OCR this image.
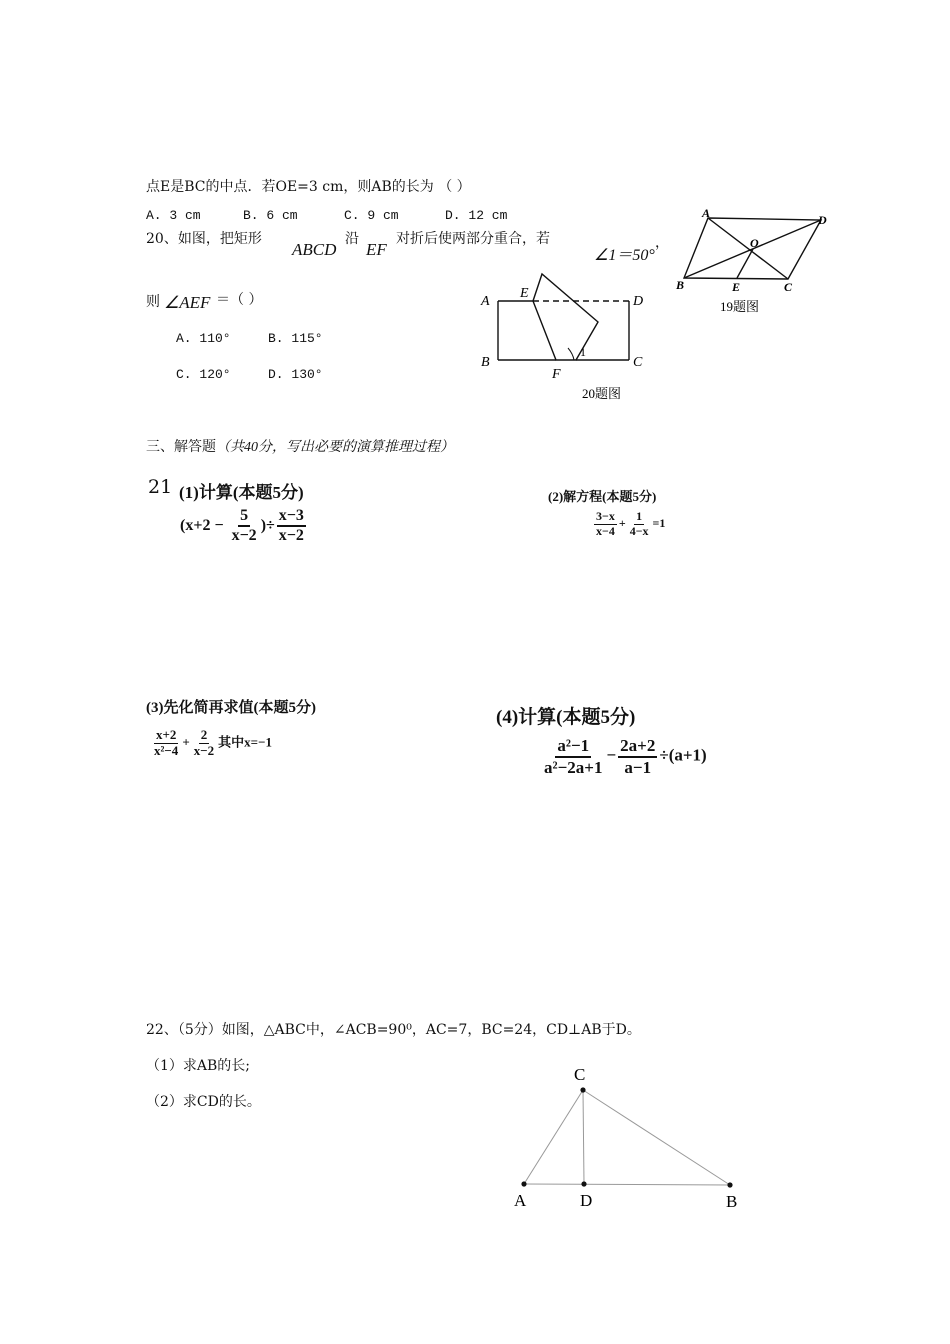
点E是BC的中点．若OE=3 cm，则AB的长为 （ ）
A. 3 cm	B. 6 cm	C. 9 cm	D. 12 cm	A	D
O
B	E	C
19题图
20、如图，把矩形
ABCD
沿
EF
对折后使两部分重合，若
∠1＝50°
，
则 ∠AEF ＝（ ）
A. 110°	B. 115°
C. 120°	D. 130°
A
E
D
B
F
C
1
20题图
三、解答题（共40分，写出必要的演算推理过程）
21 (1)计算(本题5分)
($x+2 - \frac{5}{x-2}$ )÷ $\frac{x-3}{x-2}$
(2)解方程(本题5分)
$\frac{3-x}{x-4} + \frac{1}{4-x} =1$
(3)先化简再求值(本题5分)
$\frac{x+2}{\text{x²−4}} + \frac{2}{x-2}$ 其中x=−1
(4)计算(本题5分)
$\frac{\text{a²−1}}{\text{a²−2a+1}} - \frac{2a+2}{a-1} \div(a+1)$
22、（5分）如图，△ABC中，∠ACB=90⁰，AC=7，BC=24，CD⊥AB于D。
（1）求AB的长;
（2）求CD的长。
C
A	D	B
